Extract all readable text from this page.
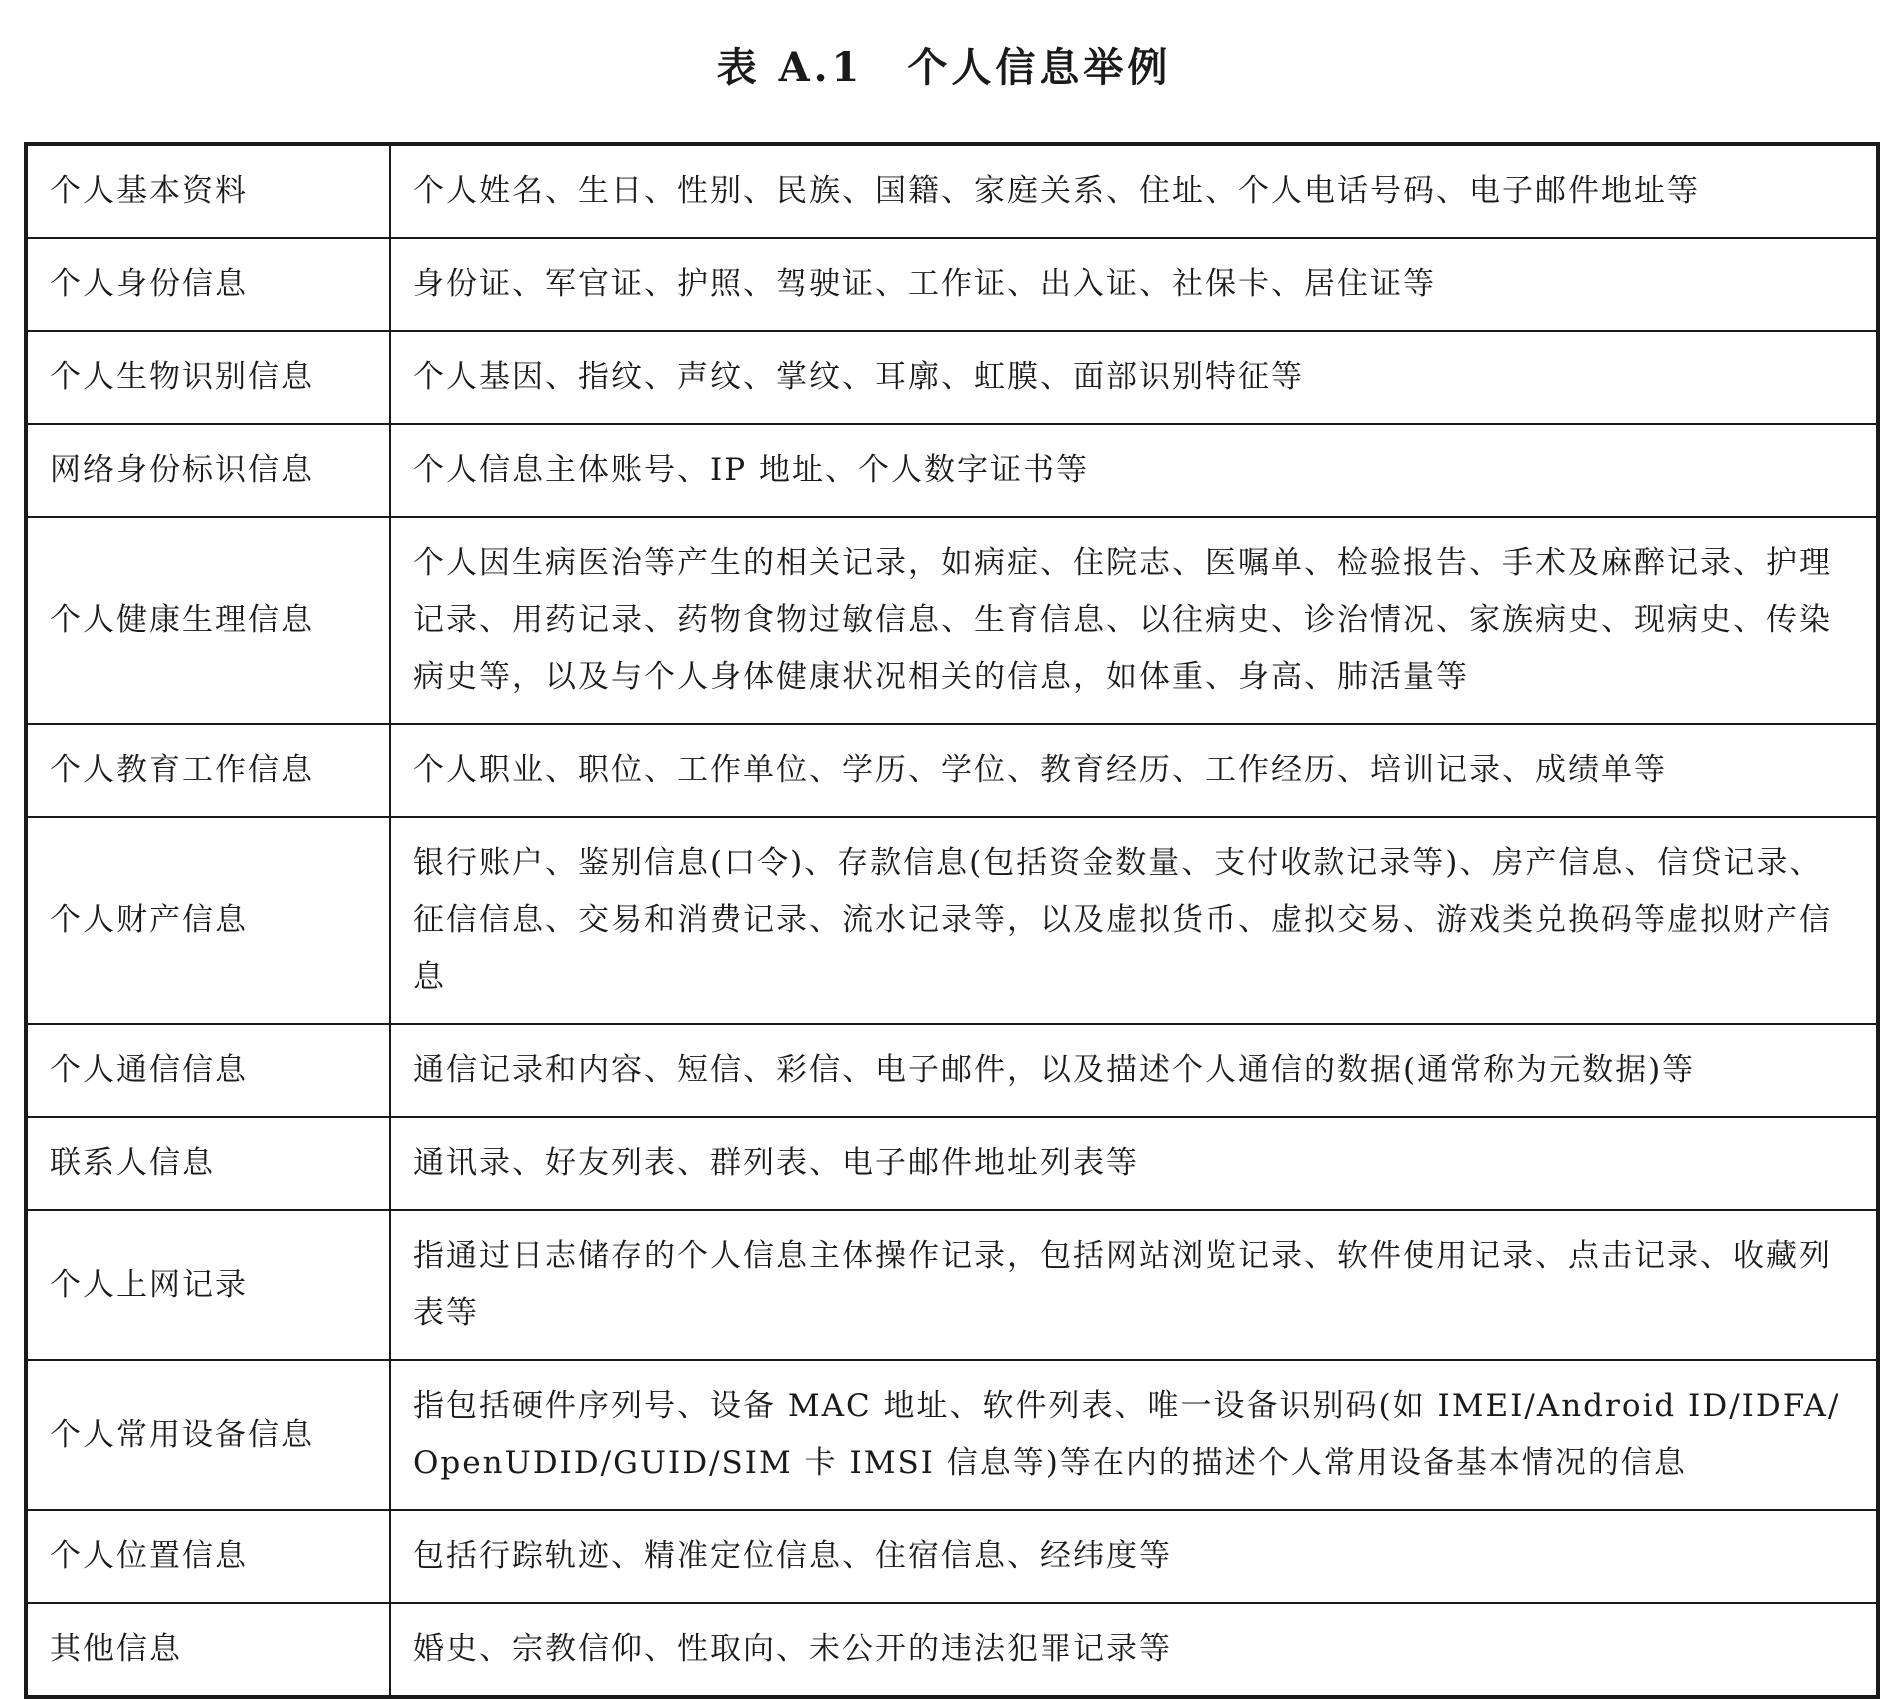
表 A.1　个人信息举例
个人基本资料	个人姓名、生日、性别、民族、国籍、家庭关系、住址、个人电话号码、电子邮件地址等
个人身份信息	身份证、军官证、护照、驾驶证、工作证、出入证、社保卡、居住证等
个人生物识别信息	个人基因、指纹、声纹、掌纹、耳廓、虹膜、面部识别特征等
网络身份标识信息	个人信息主体账号、IP 地址、个人数字证书等
个人健康生理信息	个人因生病医治等产生的相关记录，如病症、住院志、医嘱单、检验报告、手术及麻醉记录、护理记录、用药记录、药物食物过敏信息、生育信息、以往病史、诊治情况、家族病史、现病史、传染病史等，以及与个人身体健康状况相关的信息，如体重、身高、肺活量等
个人教育工作信息	个人职业、职位、工作单位、学历、学位、教育经历、工作经历、培训记录、成绩单等
个人财产信息	银行账户、鉴别信息(口令)、存款信息(包括资金数量、支付收款记录等)、房产信息、信贷记录、征信信息、交易和消费记录、流水记录等，以及虚拟货币、虚拟交易、游戏类兑换码等虚拟财产信息
个人通信信息	通信记录和内容、短信、彩信、电子邮件，以及描述个人通信的数据(通常称为元数据)等
联系人信息	通讯录、好友列表、群列表、电子邮件地址列表等
个人上网记录	指通过日志储存的个人信息主体操作记录，包括网站浏览记录、软件使用记录、点击记录、收藏列表等
个人常用设备信息	指包括硬件序列号、设备 MAC 地址、软件列表、唯一设备识别码(如 IMEI/Android ID/IDFA/OpenUDID/GUID/SIM 卡 IMSI 信息等)等在内的描述个人常用设备基本情况的信息
个人位置信息	包括行踪轨迹、精准定位信息、住宿信息、经纬度等
其他信息	婚史、宗教信仰、性取向、未公开的违法犯罪记录等
